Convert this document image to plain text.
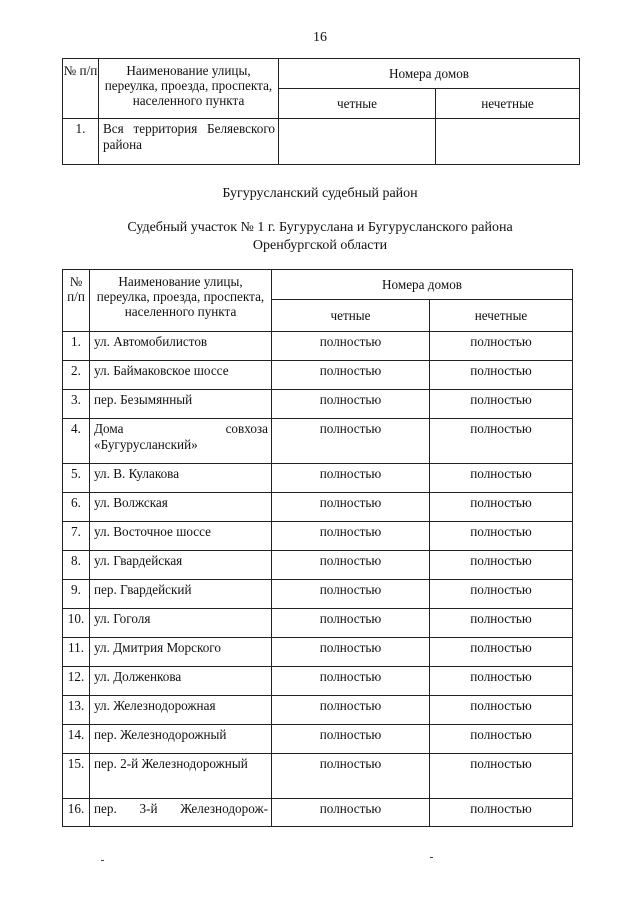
16
№ п/п	Наименование улицы, переулка, проезда, проспекта, населенного пункта	Номера домов	
		четные	нечетные
1.	Вся территория Беляевского района		
Бугурусланский судебный район
Судебный участок № 1 г. Бугуруслана и Бугурусланского района Оренбургской области
№ п/п	Наименование улицы, переулка, проезда, проспекта, населенного пункта	Номера домов	
		четные	нечетные
1.	ул. Автомобилистов	полностью	полностью
2.	ул. Баймаковское шоссе	полностью	полностью
3.	пер. Безымянный	полностью	полностью
4.	Дома совхоза «Бугурусланский»	полностью	полностью
5.	ул. В. Кулакова	полностью	полностью
6.	ул. Волжская	полностью	полностью
7.	ул. Восточное шоссе	полностью	полностью
8.	ул. Гвардейская	полностью	полностью
9.	пер. Гвардейский	полностью	полностью
10.	ул. Гоголя	полностью	полностью
11.	ул. Дмитрия Морского	полностью	полностью
12.	ул. Долженкова	полностью	полностью
13.	ул. Железнодорожная	полностью	полностью
14.	пер. Железнодорожный	полностью	полностью
15.	пер. 2-й Железнодорожный	полностью	полностью
16.	пер. 3-й Железнодорож-	полностью	полностью
